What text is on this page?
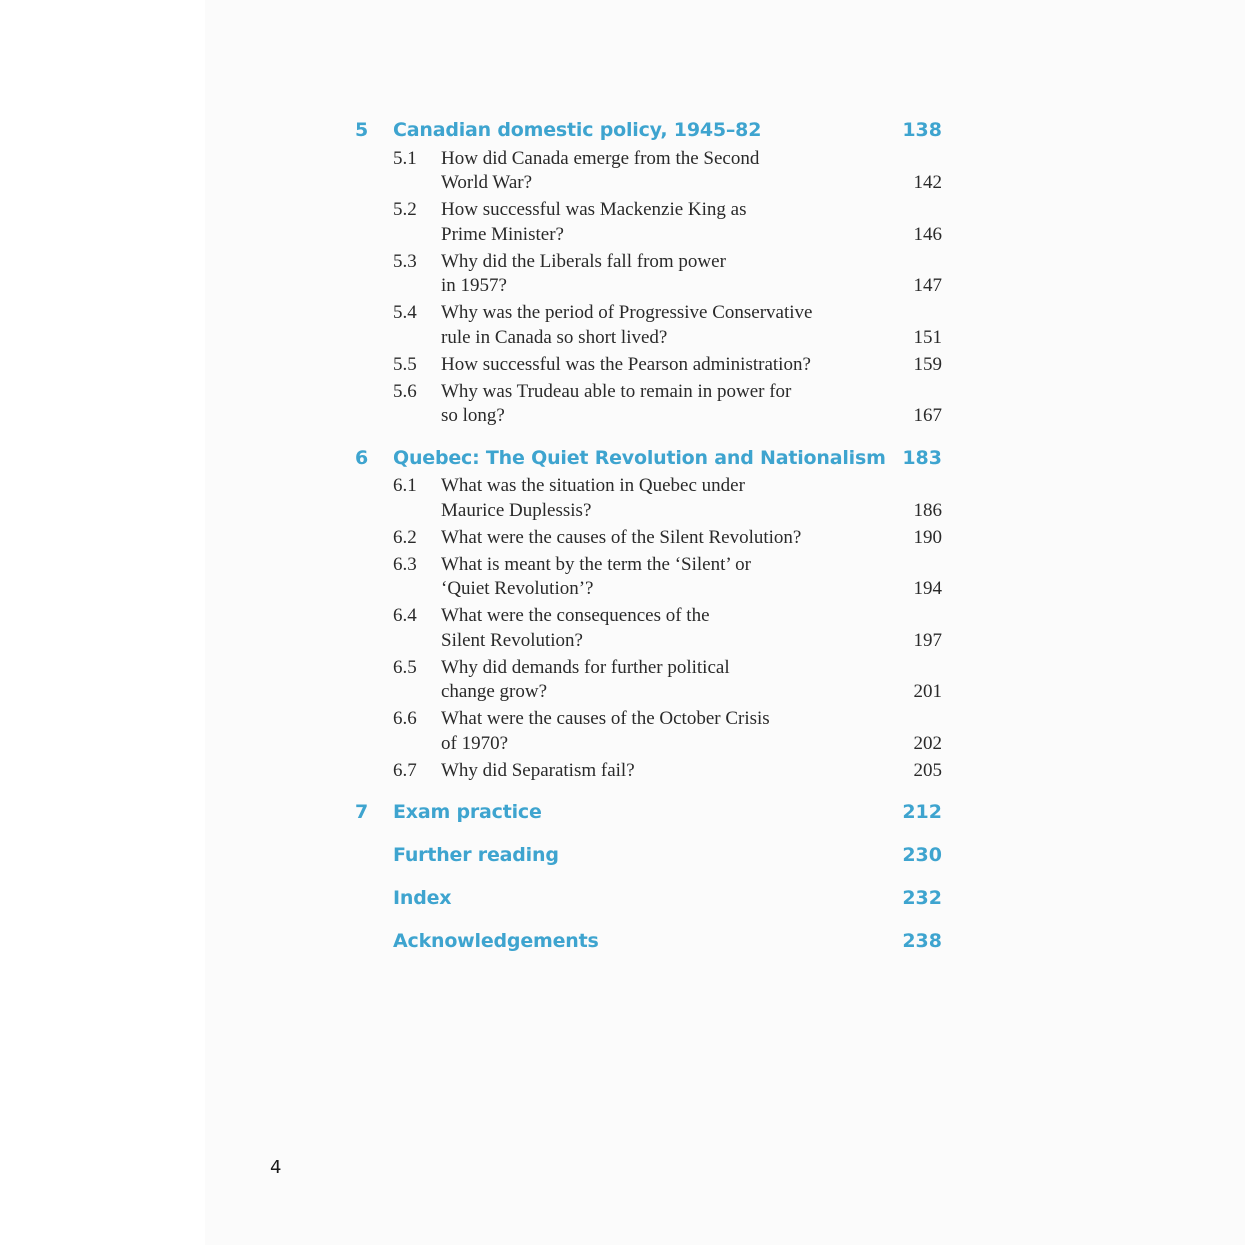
5	Canadian domestic policy, 1945–82	138
5.1	How did Canada emerge from the Second
World War?	142
5.2	How successful was Mackenzie King as
Prime Minister?	146
5.3	Why did the Liberals fall from power
in 1957?	147
5.4	Why was the period of Progressive Conservative
rule in Canada so short lived?	151
5.5	How successful was the Pearson administration?	159
5.6	Why was Trudeau able to remain in power for
so long?	167
6	Quebec: The Quiet Revolution and Nationalism 183
6.1	What was the situation in Quebec under
Maurice Duplessis?	186
6.2	What were the causes of the Silent Revolution?	190
6.3	What is meant by the term the ‘Silent’ or
‘Quiet Revolution’?	194
6.4	What were the consequences of the
Silent Revolution?	197
6.5	Why did demands for further political
change grow?	201
6.6	What were the causes of the October Crisis
of 1970?	202
6.7	Why did Separatism fail?	205
7	Exam practice	212
Further reading	230
Index	232
Acknowledgements	238
4
